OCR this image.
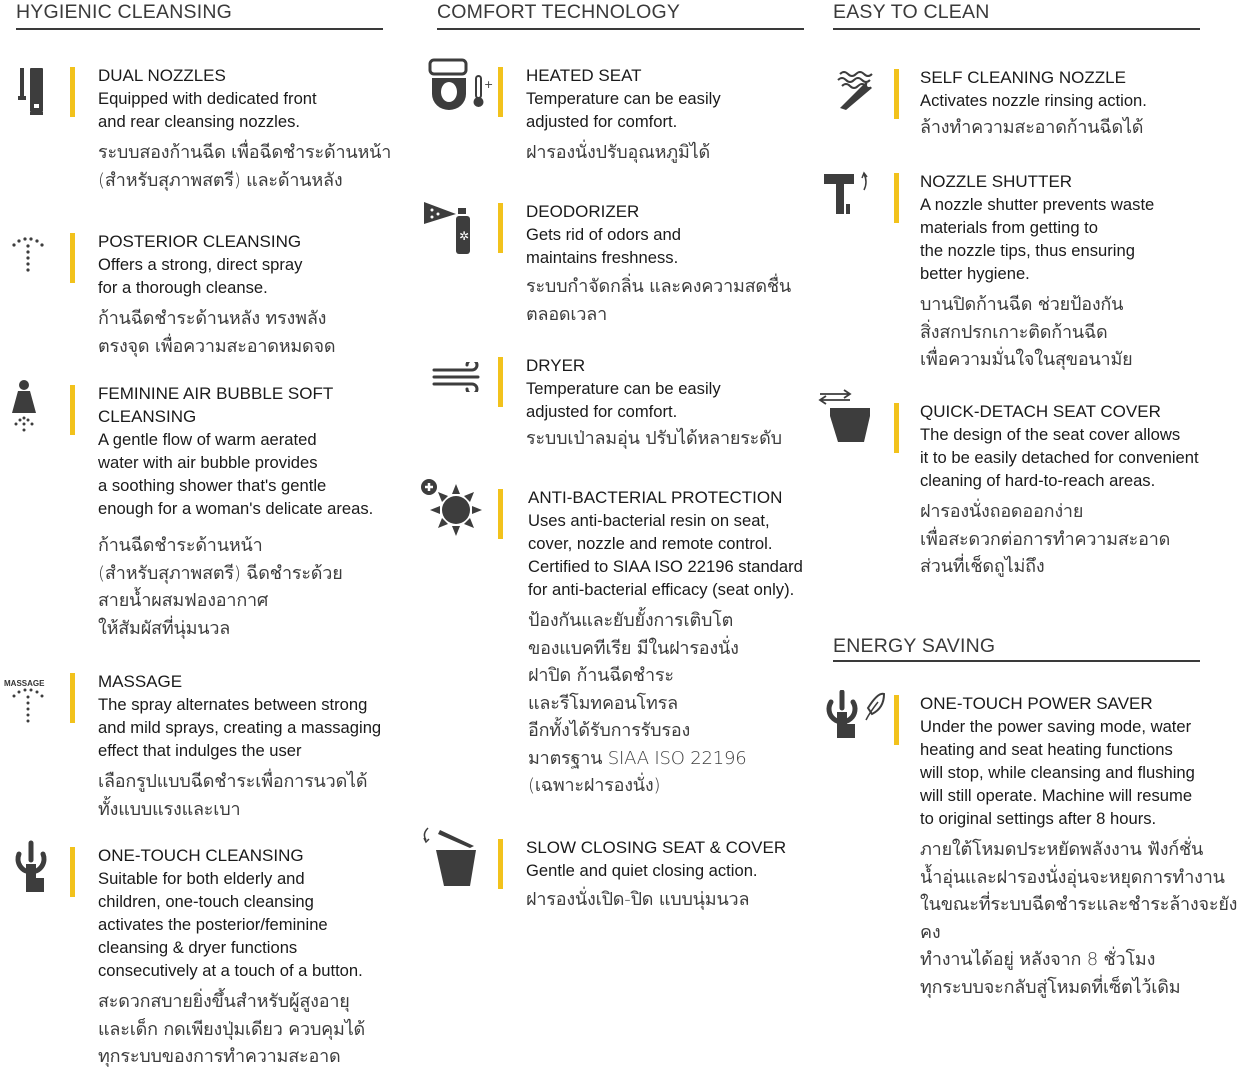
HYGIENIC CLEANSING	COMFORT TECHNOLOGY	EASY TO CLEAN
ENERGY SAVING
DUAL NOZZLES
Equipped with dedicated front
and rear cleansing nozzles.
ระบบสองก้านฉีด เพื่อฉีดชำระด้านหน้า
(สำหรับสุภาพสตรี) และด้านหลัง
POSTERIOR CLEANSING
Offers a strong, direct spray
for a thorough cleanse.
ก้านฉีดชำระด้านหลัง ทรงพลัง
ตรงจุด เพื่อความสะอาดหมดจด
FEMININE AIR BUBBLE SOFT
CLEANSING
A gentle flow of warm aerated
water with air bubble provides
a soothing shower that's gentle
enough for a woman's delicate areas.
ก้านฉีดชำระด้านหน้า
(สำหรับสุภาพสตรี) ฉีดชำระด้วย
สายน้ำผสมฟองอากาศ
ให้สัมผัสที่นุ่มนวล
MASSAGE	MASSAGE
The spray alternates between strong
and mild sprays, creating a massaging
effect that indulges the user
เลือกรูปแบบฉีดชำระเพื่อการนวดได้
ทั้งแบบแรงและเบา
ONE-TOUCH CLEANSING
Suitable for both elderly and
children, one-touch cleansing
activates the posterior/feminine
cleansing & dryer functions
consecutively at a touch of a button.
สะดวกสบายยิ่งขึ้นสำหรับผู้สูงอายุ
และเด็ก กดเพียงปุ่มเดียว ควบคุมได้
ทุกระบบของการทำความสะอาด
+ HEATED SEAT
Temperature can be easily
adjusted for comfort.
ฝารองนั่งปรับอุณหภูมิได้
✲
DEODORIZER
Gets rid of odors and
maintains freshness.
ระบบกำจัดกลิ่น และคงความสดชื่น
ตลอดเวลา
DRYER
Temperature can be easily
adjusted for comfort.
ระบบเป่าลมอุ่น ปรับได้หลายระดับ
ANTI-BACTERIAL PROTECTION
Uses anti-bacterial resin on seat,
cover, nozzle and remote control.
Certified to SIAA ISO 22196 standard
for anti-bacterial efficacy (seat only).
ป้องกันและยับยั้งการเติบโต
ของแบคทีเรีย มีในฝารองนั่ง
ฝาปิด ก้านฉีดชำระ
และรีโมทคอนโทรล
อีกทั้งได้รับการรับรอง
มาตรฐาน SIAA ISO 22196
(เฉพาะฝารองนั่ง)
SLOW CLOSING SEAT & COVER
Gentle and quiet closing action.
ฝารองนั่งเปิด-ปิด แบบนุ่มนวล
SELF CLEANING NOZZLE
Activates nozzle rinsing action.
ล้างทำความสะอาดก้านฉีดได้
NOZZLE SHUTTER
A nozzle shutter prevents waste
materials from getting to
the nozzle tips, thus ensuring
better hygiene.
บานปิดก้านฉีด ช่วยป้องกัน
สิ่งสกปรกเกาะติดก้านฉีด
เพื่อความมั่นใจในสุขอนามัย
QUICK-DETACH SEAT COVER
The design of the seat cover allows
it to be easily detached for convenient
cleaning of hard-to-reach areas.
ฝารองนั่งถอดออกง่าย
เพื่อสะดวกต่อการทำความสะอาด
ส่วนที่เช็ดถูไม่ถึง
ONE-TOUCH POWER SAVER
Under the power saving mode, water
heating and seat heating functions
will stop, while cleansing and flushing
will still operate. Machine will resume
to original settings after 8 hours.
ภายใต้โหมดประหยัดพลังงาน ฟังก์ชั่น
น้ำอุ่นและฝารองนั่งอุ่นจะหยุดการทำงาน
ในขณะที่ระบบฉีดชำระและชำระล้างจะยังคง
ทำงานได้อยู่ หลังจาก 8 ชั่วโมง
ทุกระบบจะกลับสู่โหมดที่เซ็ตไว้เดิม
